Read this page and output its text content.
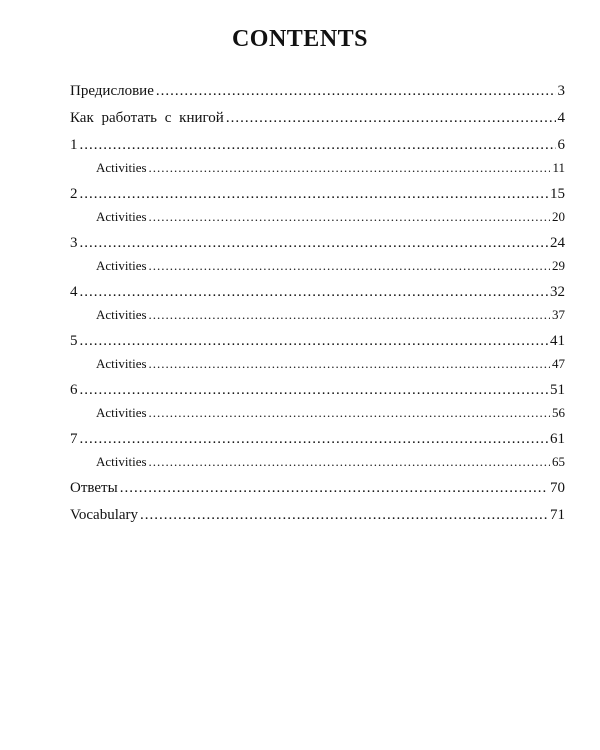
CONTENTS
Предисловие .....	3
Как работать с книгой .....	4
1 .....	6
Activities .....	11
2 .....	15
Activities .....	20
3 .....	24
Activities .....	29
4 .....	32
Activities .....	37
5 .....	41
Activities .....	47
6 .....	51
Activities .....	56
7 .....	61
Activities .....	65
Ответы .....	70
Vocabulary .....	71
